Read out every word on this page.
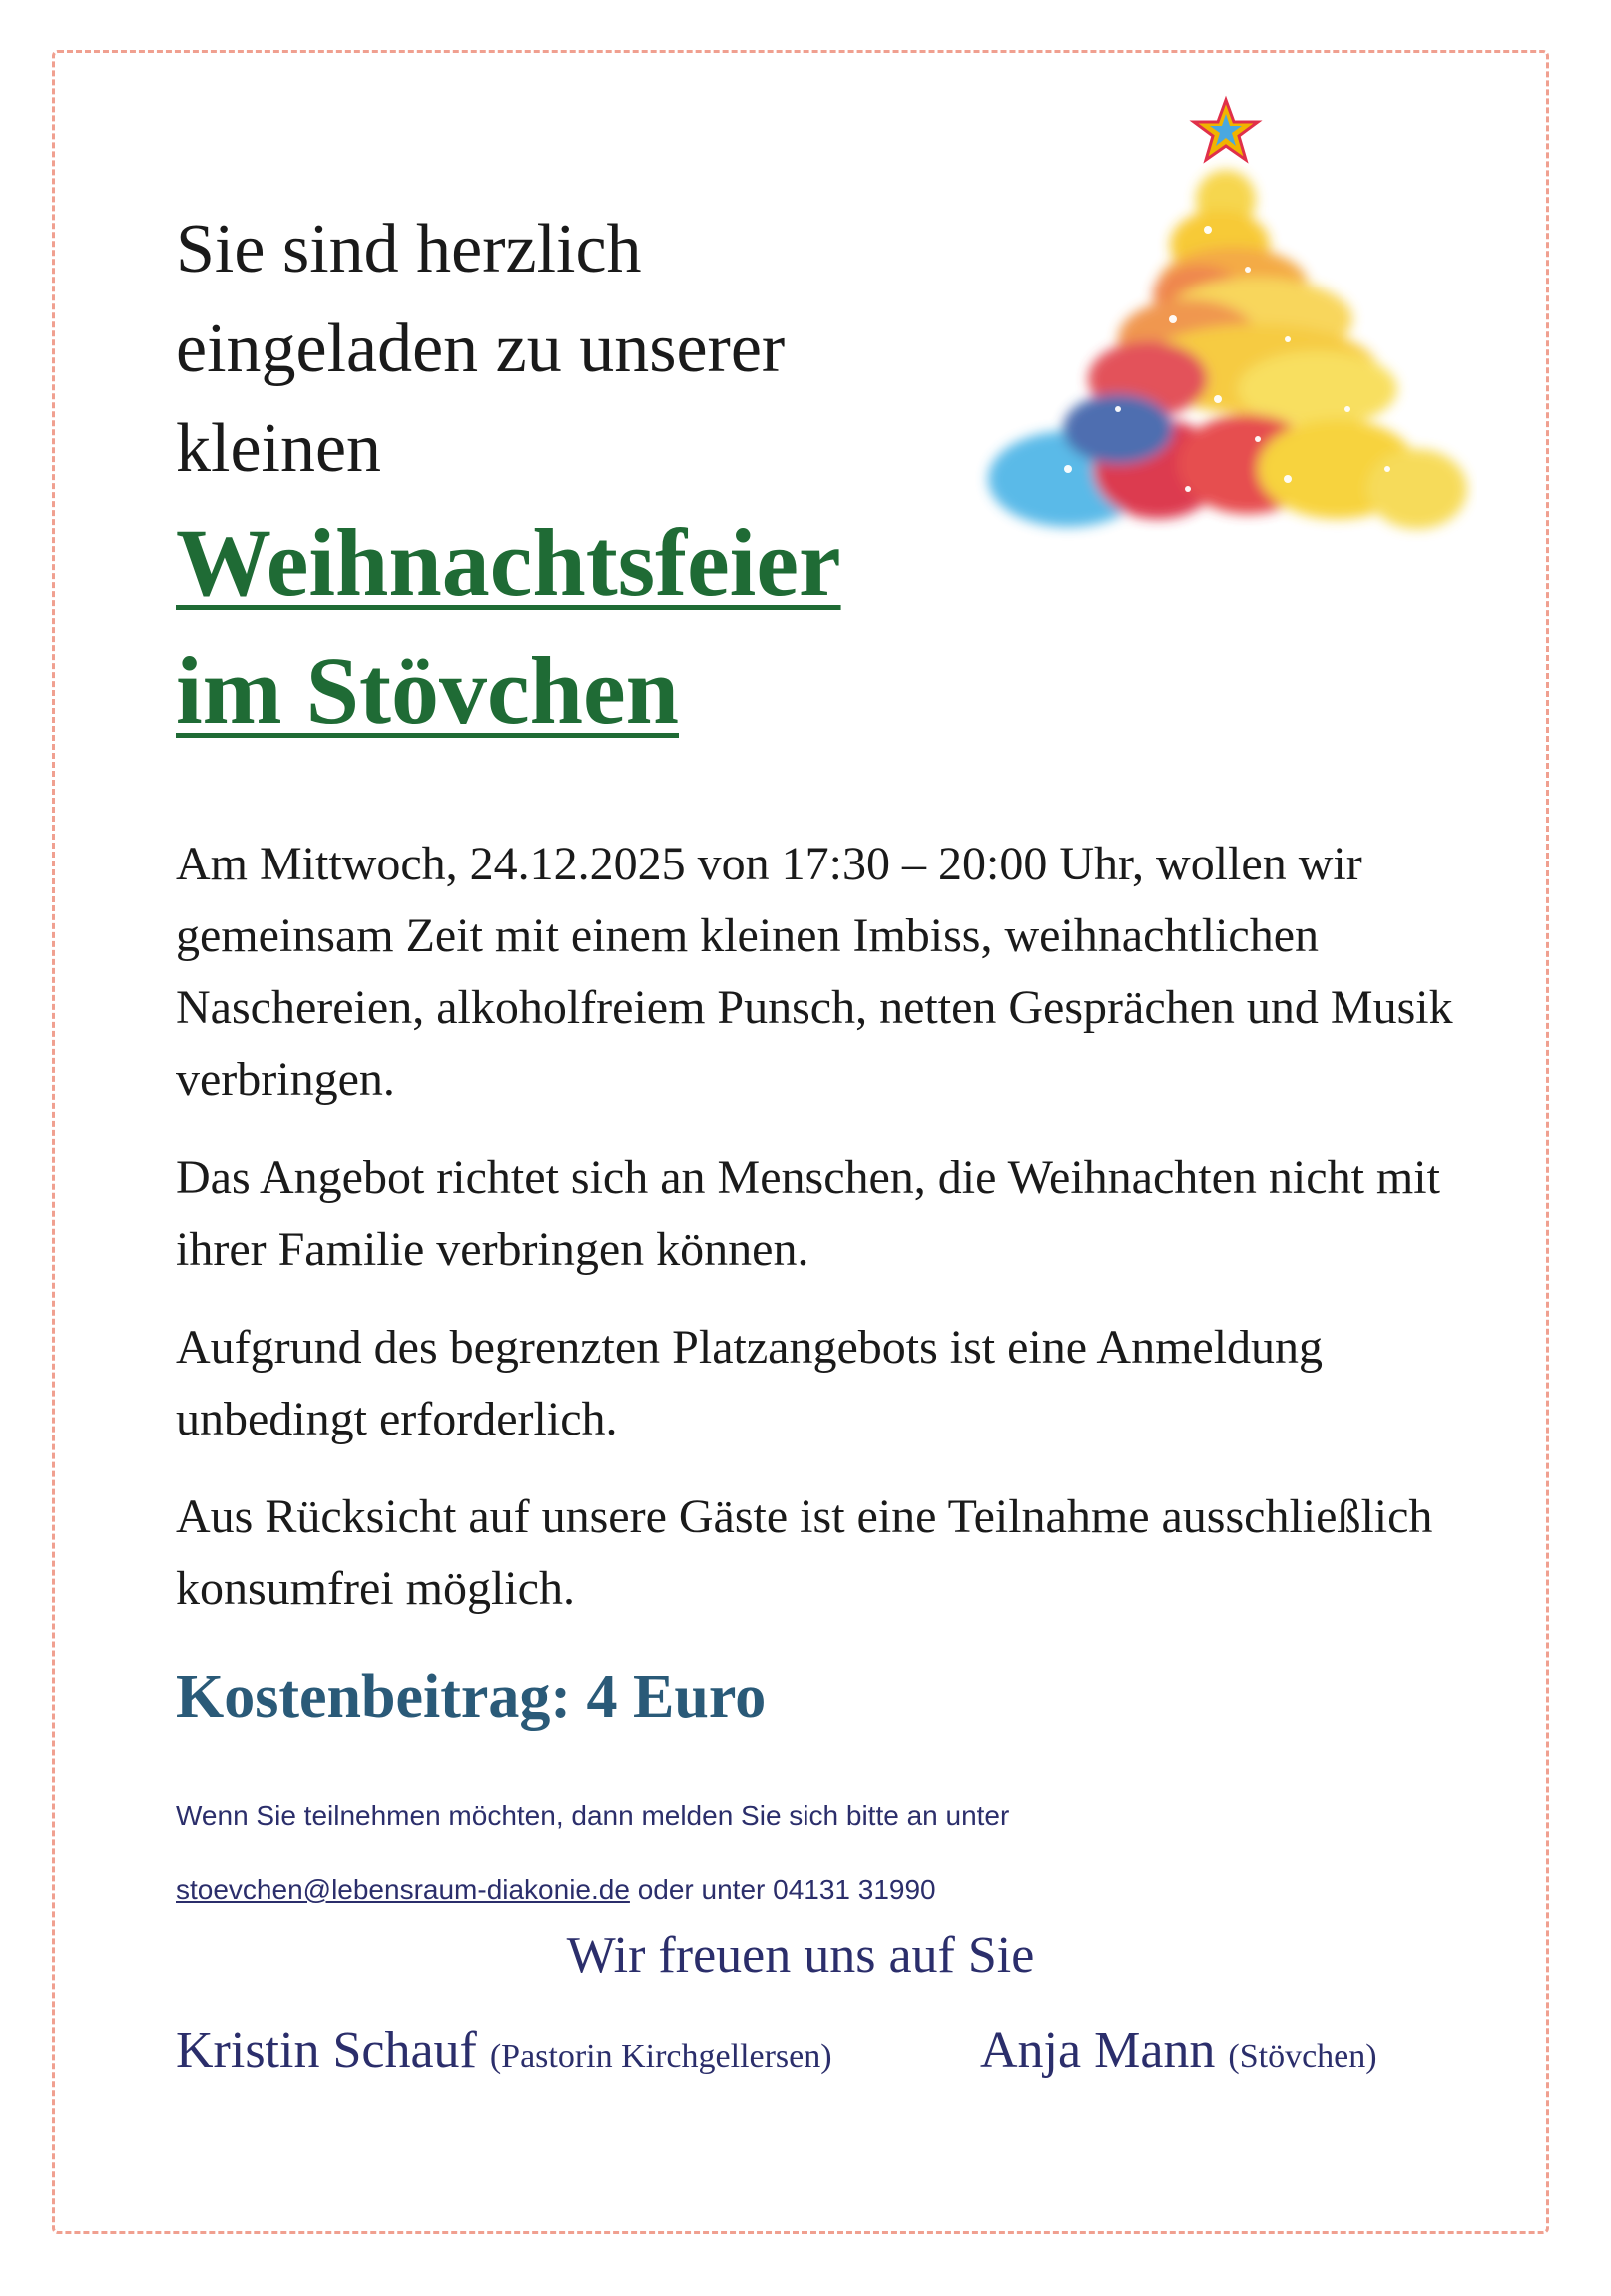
Sie sind herzlich
eingeladen zu unserer
kleinen
Weihnachtsfeier
im Stövchen

Am Mittwoch, 24.12.2025 von 17:30 – 20:00 Uhr, wollen wir gemeinsam Zeit mit einem kleinen Imbiss, weihnachtlichen Naschereien, alkoholfreiem Punsch, netten Gesprächen und Musik verbringen.

Das Angebot richtet sich an Menschen, die Weihnachten nicht mit ihrer Familie verbringen können.

Aufgrund des begrenzten Platzangebots ist eine Anmeldung unbedingt erforderlich.

Aus Rücksicht auf unsere Gäste ist eine Teilnahme ausschließlich konsumfrei möglich.

Kostenbeitrag: 4 Euro

Wenn Sie teilnehmen möchten, dann melden Sie sich bitte an unter

stoevchen@lebensraum-diakonie.de oder unter 04131 31990

Wir freuen uns auf Sie

Kristin Schauf (Pastorin Kirchgellersen)	Anja Mann (Stövchen)
